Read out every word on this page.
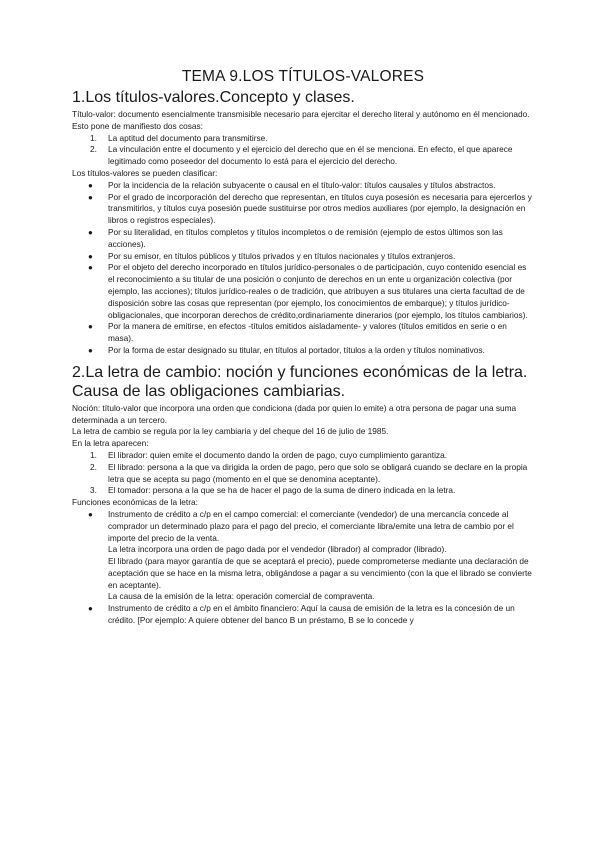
TEMA 9.LOS TÍTULOS-VALORES
1.Los títulos-valores.Concepto y clases.

Título-valor: documento esencialmente transmisible necesario para ejercitar el derecho literal y autónomo en él mencionado.

Esto pone de manifiesto dos cosas:

1. La aptitud del documento para transmitirse.
2. La vinculación entre el documento y el ejercicio del derecho que en él se menciona. En efecto, el que aparece legitimado como poseedor del documento lo está para el ejercicio del derecho.

Los títulos-valores se pueden clasificar:

● Por la incidencia de la relación subyacente o causal en el título-valor: títulos causales y títulos abstractos.
● Por el grado de incorporación del derecho que representan, en títulos cuya posesión es necesaria para ejercerlos y transmitirlos, y títulos cuya posesión puede sustituirse por otros medios auxiliares (por ejemplo, la designación en libros o registros especiales).
● Por su literalidad, en títulos completos y títulos incompletos o de remisión (ejemplo de estos últimos son las acciones).
● Por su emisor, en títulos públicos y títulos privados y en títulos nacionales y títulos extranjeros.
● Por el objeto del derecho incorporado en títulos jurídico-personales o de participación, cuyo contenido esencial es el reconocimiento a su titular de una posición o conjunto de derechos en un ente u organización colectiva (por ejemplo, las acciones); títulos jurídico-reales o de tradición, que atribuyen a sus titulares una cierta facultad de de disposición sobre las cosas que representan (por ejemplo, los conocimientos de embarque); y títulos jurídico-obligacionales, que incorporan derechos de crédito,ordinariamente dinerarios (por ejemplo, los títulos cambiarios).
● Por la manera de emitirse, en efectos -títulos emitidos aisladamente- y valores (títulos emitidos en serie o en masa).
● Por la forma de estar designado su titular, en títulos al portador, títulos a la orden y títulos nominativos.
2.La letra de cambio: noción y funciones económicas de la letra. Causa de las obligaciones cambiarias.

Noción: título-valor que incorpora una orden que condiciona (dada por quien lo emite) a otra persona de pagar una suma determinada a un tercero.

La letra de cambio se regula por la ley cambiaria y del cheque del 16 de julio de 1985.

En la letra aparecen:

1. El librador: quien emite el documento dando la orden de pago, cuyo cumplimiento garantiza.
2. El librado: persona a la que va dirigida la orden de pago, pero que solo se obligará cuando se declare en la propia letra que se acepta su pago (momento en el que se denomina aceptante).
3. El tomador: persona a la que se ha de hacer el pago de la suma de dinero indicada en la letra.

Funciones económicas de la letra:

● Instrumento de crédito a c/p en el campo comercial: el comerciante (vendedor) de una mercancía concede al comprador un determinado plazo para el pago del precio, el comerciante libra/emite una letra de cambio por el importe del precio de la venta.

La letra incorpora una orden de pago dada por el vendedor (librador) al comprador (librado).

El librado (para mayor garantía de que se aceptará el precio), puede comprometerse mediante una declaración de aceptación que se hace en la misma letra, obligándose a pagar a su vencimiento (con la que el librado se convierte en aceptante).

La causa de la emisión de la letra: operación comercial de compraventa.

● Instrumento de crédito a c/p en el ámbito financiero: Aquí la causa de emisión de la letra es la concesión de un crédito. [Por ejemplo: A quiere obtener del banco B un préstamo, B se lo concede y
